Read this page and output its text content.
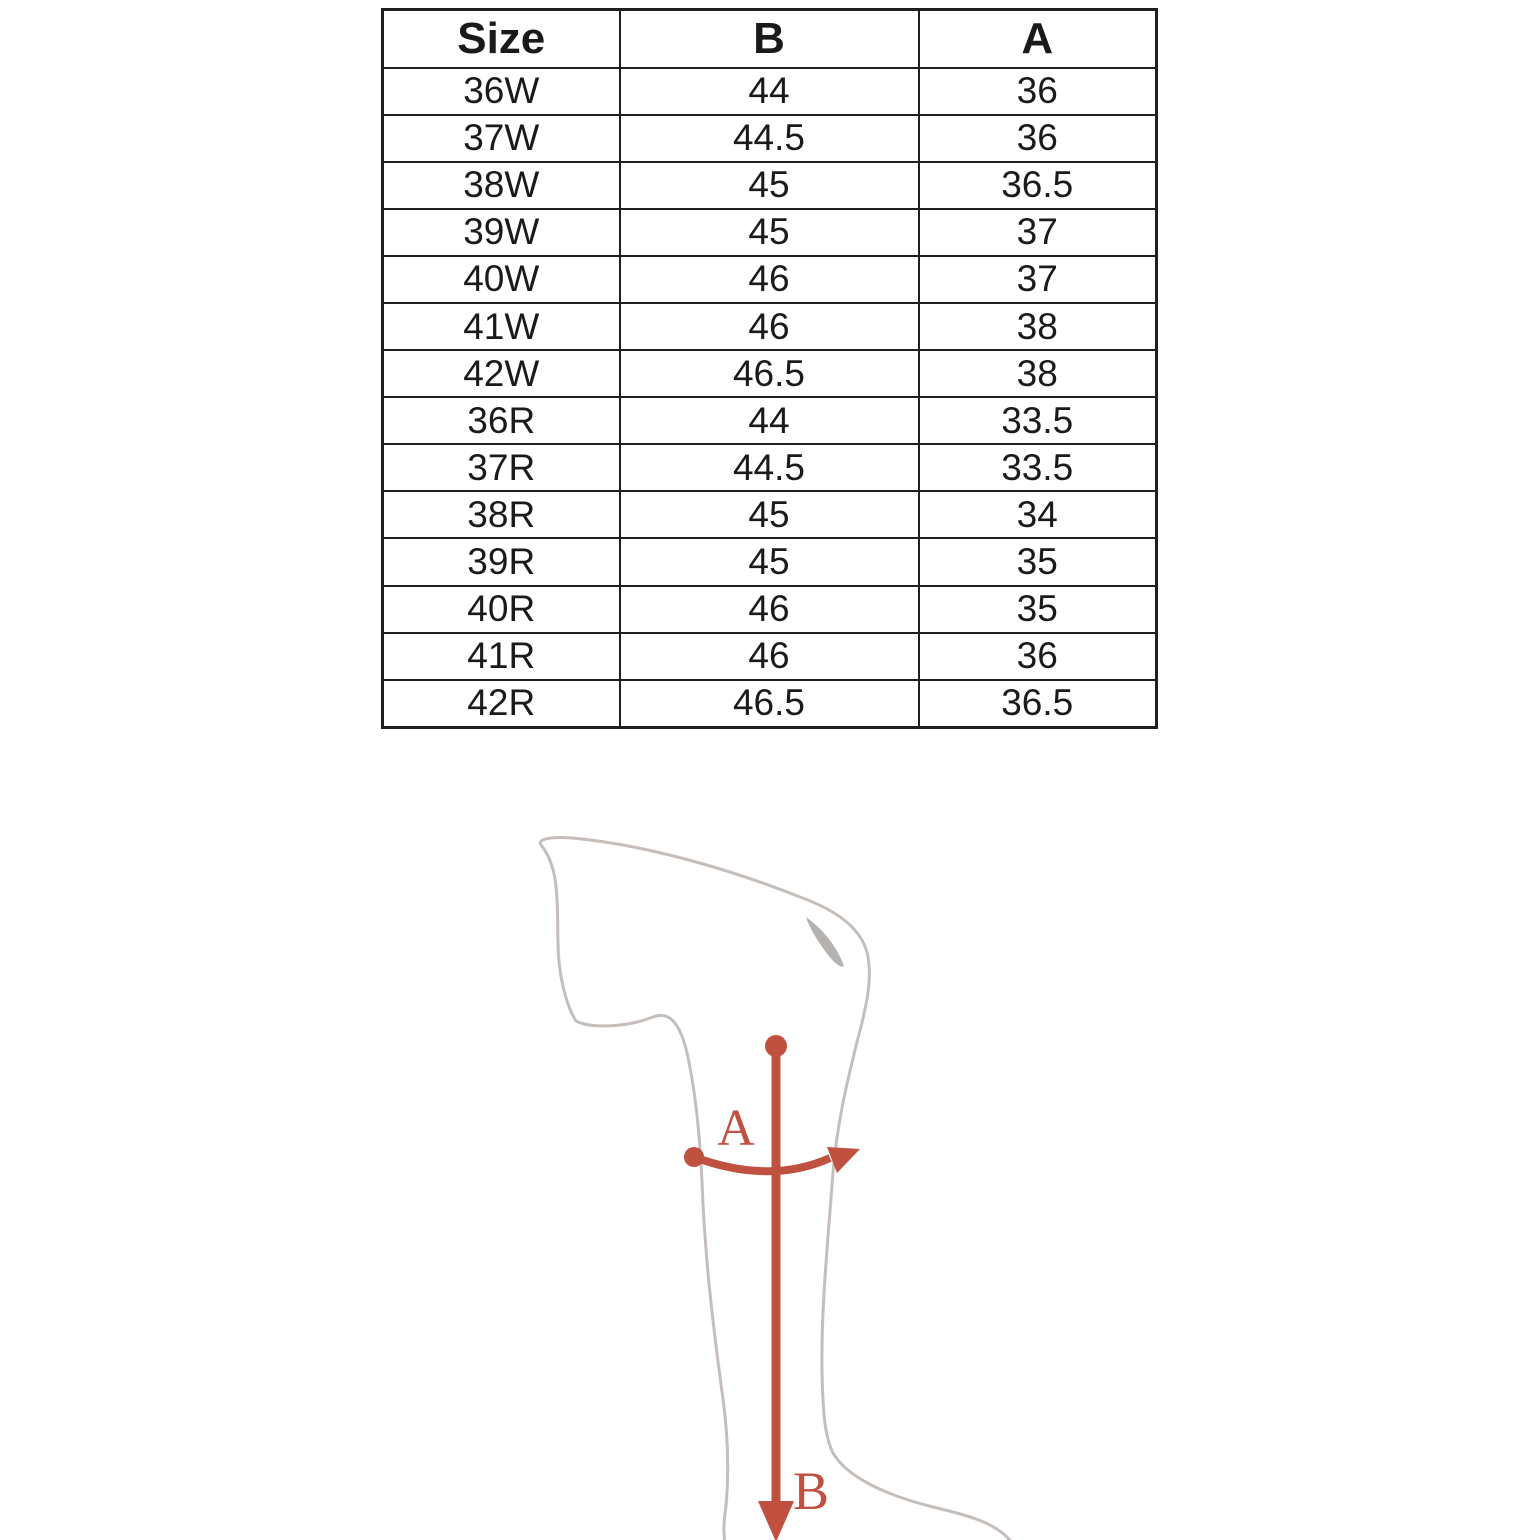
Size	B	A
36W	44	36
37W	44.5	36
38W	45	36.5
39W	45	37
40W	46	37
41W	46	38
42W	46.5	38
36R	44	33.5
37R	44.5	33.5
38R	45	34
39R	45	35
40R	46	35
41R	46	36
42R	46.5	36.5
A
B
